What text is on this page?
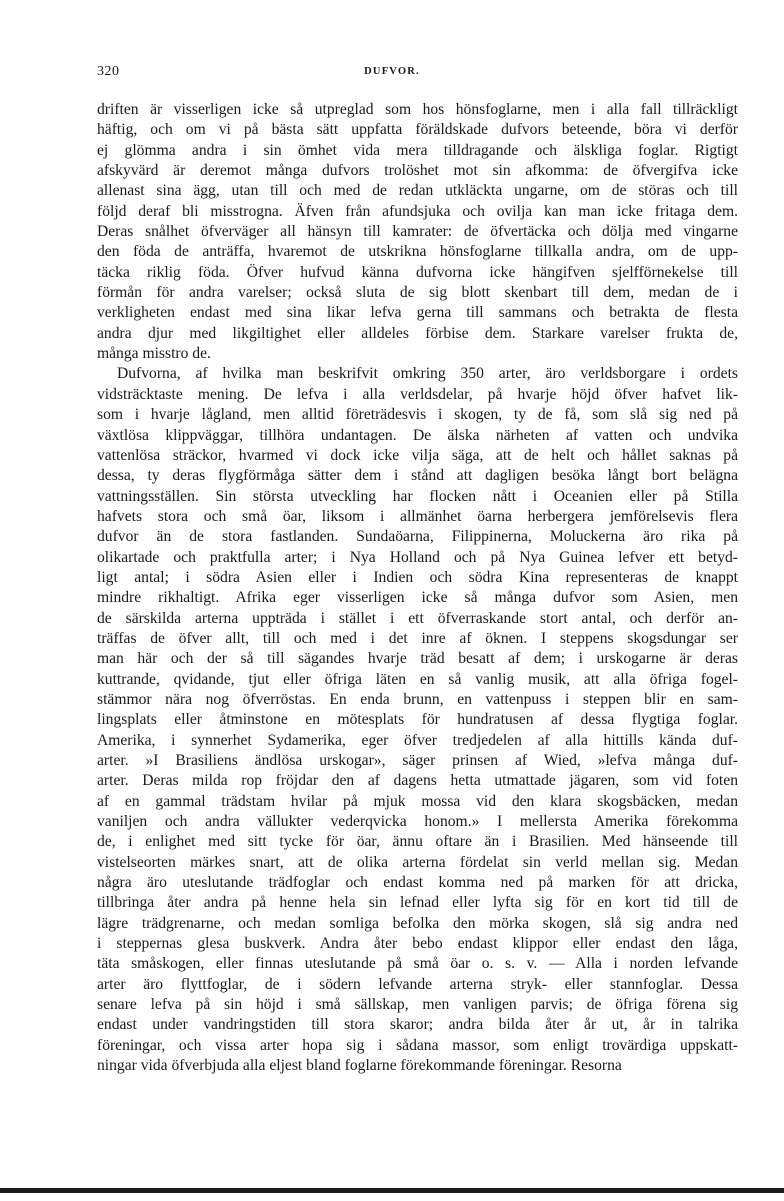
320	DUFVOR.
driften är visserligen icke så utpreglad som hos hönsfoglarne, men i alla fall tillräckligt
häftig, och om vi på bästa sätt uppfatta föräldskade dufvors beteende, böra vi derför
ej glömma andra i sin ömhet vida mera tilldragande och älskliga foglar. Rigtigt
afskyvärd är deremot många dufvors trolöshet mot sin afkomma: de öfvergifva icke
allenast sina ägg, utan till och med de redan utkläckta ungarne, om de störas och till
följd deraf bli misstrogna. Äfven från afundsjuka och ovilja kan man icke fritaga dem.
Deras snålhet öfverväger all hänsyn till kamrater: de öfvertäcka och dölja med vingarne
den föda de anträffa, hvaremot de utskrikna hönsfoglarne tillkalla andra, om de upp-
täcka riklig föda. Öfver hufvud känna dufvorna icke hängifven sjelfförnekelse till
förmån för andra varelser; också sluta de sig blott skenbart till dem, medan de i
verkligheten endast med sina likar lefva gerna till sammans och betrakta de flesta
andra djur med likgiltighet eller alldeles förbise dem. Starkare varelser frukta de,
många misstro de.
Dufvorna, af hvilka man beskrifvit omkring 350 arter, äro verldsborgare i ordets
vidsträcktaste mening. De lefva i alla verldsdelar, på hvarje höjd öfver hafvet lik-
som i hvarje låglаnd, men alltid företrädesvis i skogen, ty de få, som slå sig ned på
växtlösa klippväggar, tillhöra undantagen. De älska närheten af vatten och undvika
vattenlösa sträckor, hvarmed vi dock icke vilja säga, att de helt och hållet saknas på
dessa, ty deras flygförmåga sätter dem i stånd att dagligen besöka långt bort belägna
vattningsställen. Sin största utveckling har flocken nått i Oceanien eller på Stilla
hafvets stora och små öar, liksom i allmänhet öarna herbergera jemförelsevis flera
dufvor än de stora fastlanden. Sundaöarna, Filippinerna, Moluckerna äro rika på
olikartade och praktfulla arter; i Nya Holland och på Nya Guinea lefver ett betyd-
ligt antal; i södra Asien eller i Indien och södra Kina representeras de knappt
mindre rikhaltigt. Afrika eger visserligen icke så många dufvor som Asien, men
de särskilda arterna uppträda i stället i ett öfverraskande stort antal, och derför an-
träffas de öfver allt, till och med i det inre af öknen. I steppens skogsdungar ser
man här och der så till sägandes hvarje träd besatt af dem; i urskogarne är deras
kuttrande, qvidande, tjut eller öfriga läten en så vanlig musik, att alla öfriga fogel-
stämmor nära nog öfverröstas. En enda brunn, en vattenpuss i steppen blir en sam-
lingsplats eller åtminstone en mötesplats för hundratusen af dessa flygtiga foglar.
Amerika, i synnerhet Sydamerika, eger öfver tredjedelen af alla hittills kända duf-
arter. »I Brasiliens ändlösa urskogar», säger prinsen af Wied, »lefva många duf-
arter. Deras milda rop fröjdar den af dagens hetta utmattade jägaren, som vid foten
af en gammal trädstam hvilar på mjuk mossa vid den klara skogsbäcken, medan
vaniljen och andra vällukter vederqvicka honom.» I mellersta Amerika förekomma
de, i enlighet med sitt tycke för öar, ännu oftare än i Brasilien. Med hänseende till
vistelseorten märkes snart, att de olika arterna fördelat sin verld mellan sig. Medan
några äro uteslutande trädfoglar och endast komma ned på marken för att dricka,
tillbringa åter andra på henne hela sin lefnad eller lyfta sig för en kort tid till de
lägre trädgrenarne, och medan somliga befolka den mörka skogen, slå sig andra ned
i steppernas glesa buskverk. Andra åter bebo endast klippor eller endast den låga,
täta småskogen, eller finnas uteslutande på små öar o. s. v. — Alla i norden lefvande
arter äro flyttfoglar, de i södern lefvande arterna stryk- eller stannfoglar. Dessa
senare lefva på sin höjd i små sällskap, men vanligen parvis; de öfriga förena sig
endast under vandringstiden till stora skaror; andra bilda åter år ut, år in talrika
föreningar, och vissa arter hopa sig i sådana massor, som enligt trovärdiga uppskatt-
ningar vida öfverbjuda alla eljest bland foglarne förekommande föreningar. Resorna
